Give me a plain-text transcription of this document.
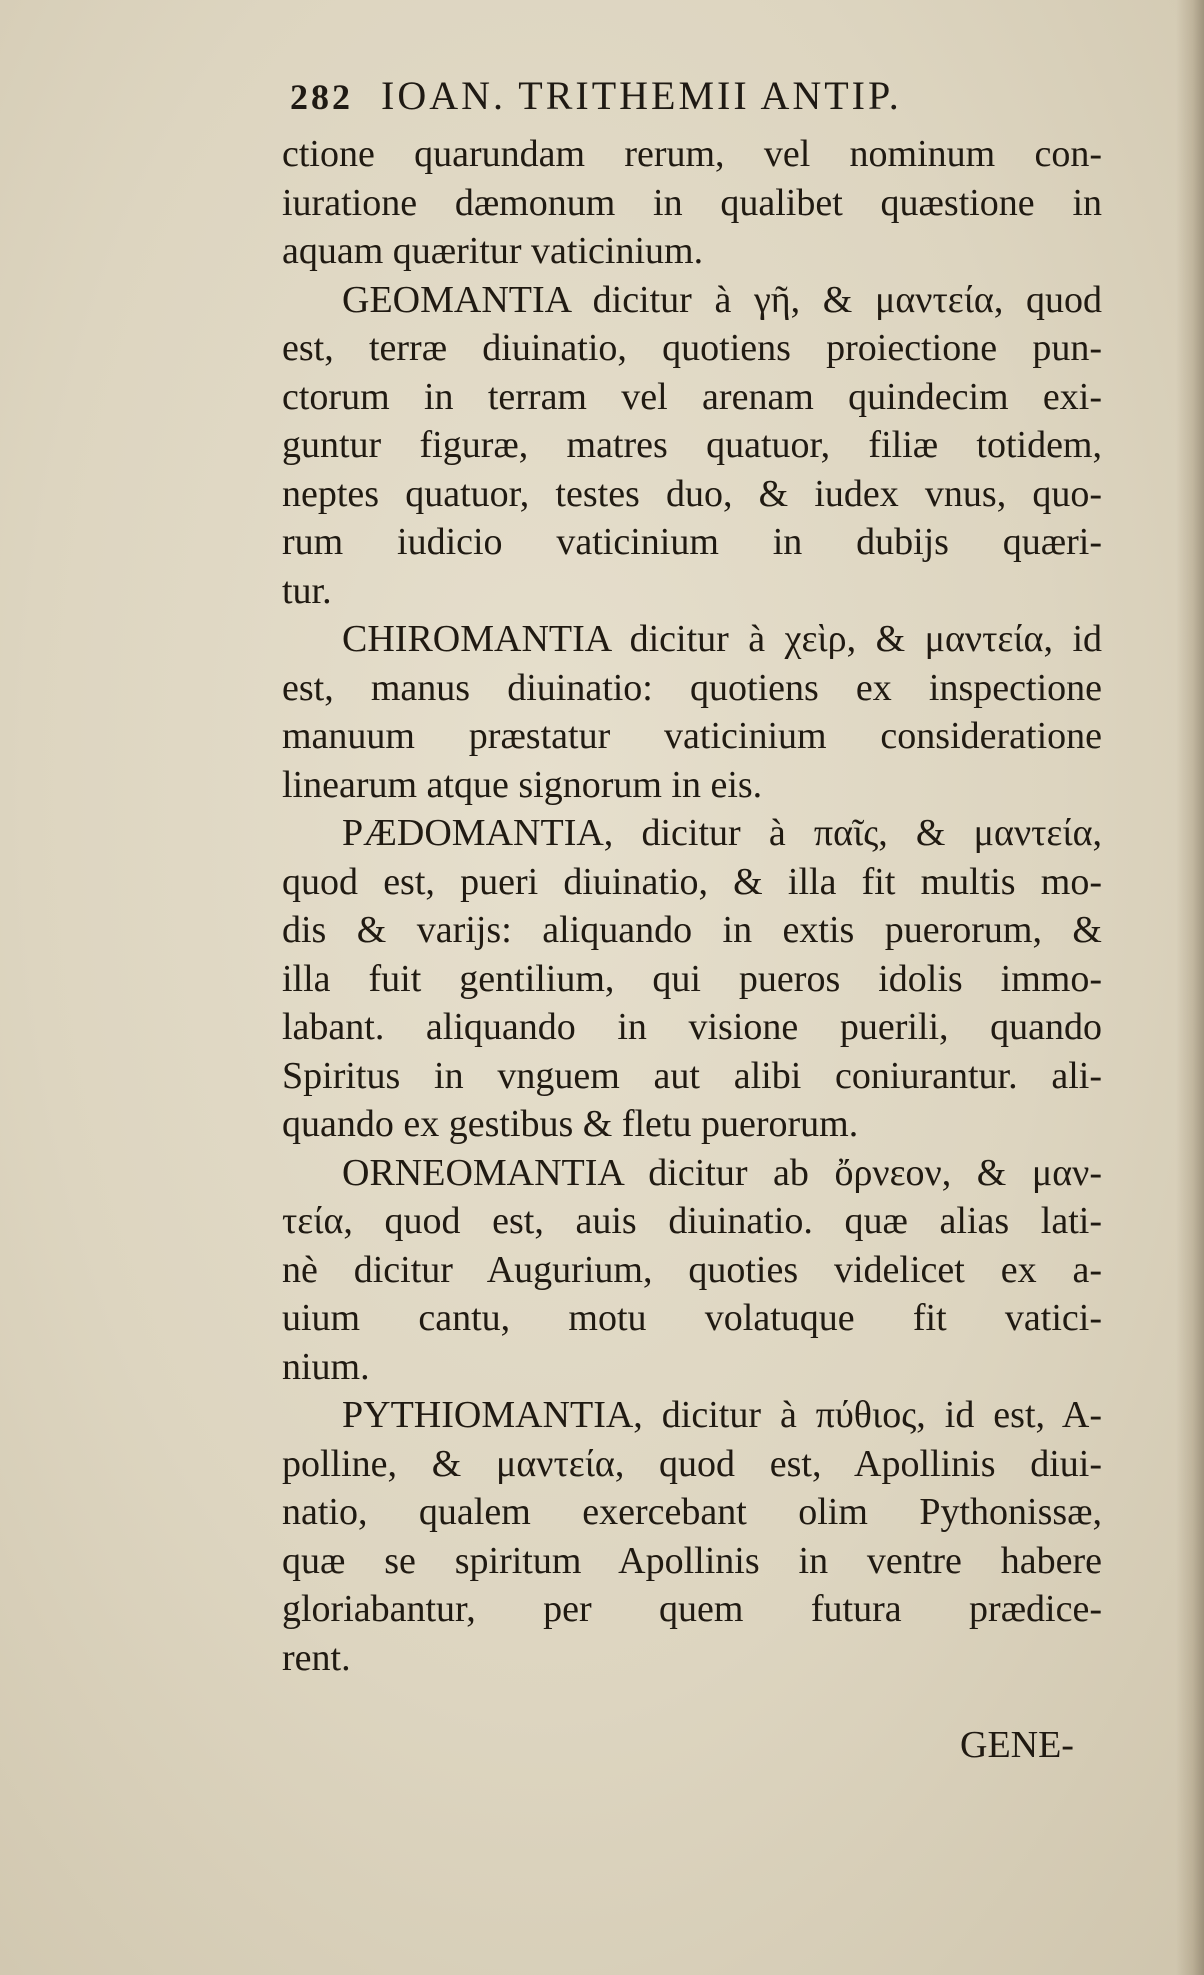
282 IOAN. TRITHEMII ANTIP.
ctione quarundam rerum, vel nominum con-
iuratione dæmonum in qualibet quæstione in
aquam quæritur vaticinium.
GEOMANTIA dicitur à γῆ, & μαντεία, quod
est, terræ diuinatio, quotiens proiectione pun-
ctorum in terram vel arenam quindecim exi-
guntur figuræ, matres quatuor, filiæ totidem,
neptes quatuor, testes duo, & iudex vnus, quo-
rum iudicio vaticinium in dubijs quæri-
tur.
CHIROMANTIA dicitur à χεὶρ, & μαντεία, id
est, manus diuinatio: quotiens ex inspectione
manuum præstatur vaticinium consideratione
linearum atque signorum in eis.
PÆDOMANTIA, dicitur à παῖς, & μαντεία,
quod est, pueri diuinatio, & illa fit multis mo-
dis & varijs: aliquando in extis puerorum, &
illa fuit gentilium, qui pueros idolis immo-
labant. aliquando in visione puerili, quando
Spiritus in vnguem aut alibi coniurantur. ali-
quando ex gestibus & fletu puerorum.
ORNEOMANTIA dicitur ab ὄρνεον, & μαν-
τεία, quod est, auis diuinatio. quæ alias lati-
nè dicitur Augurium, quoties videlicet ex a-
uium cantu, motu volatuque fit vatici-
nium.
PYTHIOMANTIA, dicitur à πύθιος, id est, A-
polline, & μαντεία, quod est, Apollinis diui-
natio, qualem exercebant olim Pythonissæ,
quæ se spiritum Apollinis in ventre habere
gloriabantur, per quem futura prædice-
rent.
GENE-
